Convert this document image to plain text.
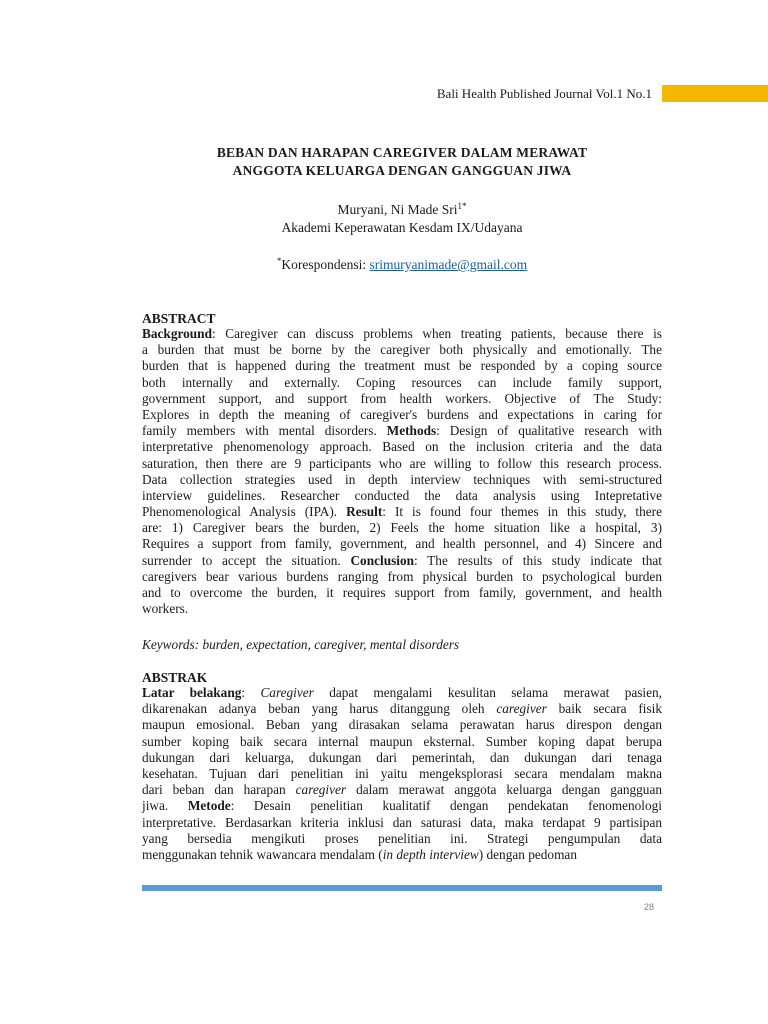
Bali Health Published Journal Vol.1 No.1
BEBAN DAN HARAPAN CAREGIVER DALAM MERAWAT
ANGGOTA KELUARGA DENGAN GANGGUAN JIWA
Muryani, Ni Made Sri$^{1*}$
Akademi Keperawatan Kesdam IX/Udayana
*Korespondensi: srimuryanimade@gmail.com
ABSTRACT
Background: Caregiver can discuss problems when treating patients, because there is
a burden that must be borne by the caregiver both physically and emotionally. The
burden that is happened during the treatment must be responded by a coping source
both internally and externally. Coping resources can include family support,
government support, and support from health workers. Objective of The Study:
Explores in depth the meaning of caregiver's burdens and expectations in caring for
family members with mental disorders. Methods: Design of qualitative research with
interpretative phenomenology approach. Based on the inclusion criteria and the data
saturation, then there are 9 participants who are willing to follow this research process.
Data collection strategies used in depth interview techniques with semi-structured
interview guidelines. Researcher conducted the data analysis using Intepretative
Phenomenological Analysis (IPA). Result: It is found four themes in this study, there
are: 1) Caregiver bears the burden, 2) Feels the home situation like a hospital, 3)
Requires a support from family, government, and health personnel, and 4) Sincere and
surrender to accept the situation. Conclusion: The results of this study indicate that
caregivers bear various burdens ranging from physical burden to psychological burden
and to overcome the burden, it requires support from family, government, and health
workers.
Keywords: burden, expectation, caregiver, mental disorders
ABSTRAK
Latar belakang: Caregiver dapat mengalami kesulitan selama merawat pasien,
dikarenakan adanya beban yang harus ditanggung oleh caregiver baik secara fisik
maupun emosional. Beban yang dirasakan selama perawatan harus direspon dengan
sumber koping baik secara internal maupun eksternal. Sumber koping dapat berupa
dukungan dari keluarga, dukungan dari pemerintah, dan dukungan dari tenaga
kesehatan. Tujuan dari penelitian ini yaitu mengeksplorasi secara mendalam makna
dari beban dan harapan caregiver dalam merawat anggota keluarga dengan gangguan
jiwa. Metode: Desain penelitian kualitatif dengan pendekatan fenomenologi
interpretative. Berdasarkan kriteria inklusi dan saturasi data, maka terdapat 9 partisipan
yang bersedia mengikuti proses penelitian ini. Strategi pengumpulan data
menggunakan tehnik wawancara mendalam (in depth interview) dengan pedoman
28
